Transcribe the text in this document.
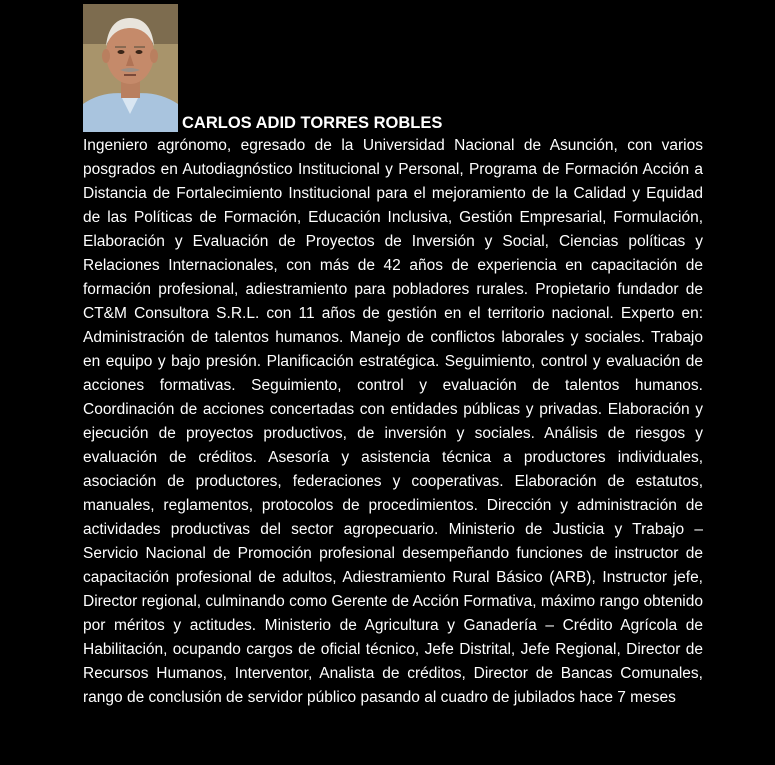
CARLOS ADID TORRES ROBLES

Ingeniero agrónomo, egresado de la Universidad Nacional de Asunción, con varios posgrados en Autodiagnóstico Institucional y Personal, Programa de Formación Acción a Distancia de Fortalecimiento Institucional para el mejoramiento de la Calidad y Equidad de las Políticas de Formación, Educación Inclusiva, Gestión Empresarial, Formulación, Elaboración y Evaluación de Proyectos de Inversión y Social, Ciencias políticas y Relaciones Internacionales, con más de 42 años de experiencia en capacitación de formación profesional, adiestramiento para pobladores rurales. Propietario fundador de CT&M Consultora S.R.L. con 11 años de gestión en el territorio nacional. Experto en: Administración de talentos humanos. Manejo de conflictos laborales y sociales. Trabajo en equipo y bajo presión. Planificación estratégica. Seguimiento, control y evaluación de acciones formativas. Seguimiento, control y evaluación de talentos humanos. Coordinación de acciones concertadas con entidades públicas y privadas. Elaboración y ejecución de proyectos productivos, de inversión y sociales. Análisis de riesgos y evaluación de créditos. Asesoría y asistencia técnica a productores individuales, asociación de productores, federaciones y cooperativas. Elaboración de estatutos, manuales, reglamentos, protocolos de procedimientos. Dirección y administración de actividades productivas del sector agropecuario. Ministerio de Justicia y Trabajo – Servicio Nacional de Promoción profesional desempeñando funciones de instructor de capacitación profesional de adultos, Adiestramiento Rural Básico (ARB), Instructor jefe, Director regional, culminando como Gerente de Acción Formativa, máximo rango obtenido por méritos y actitudes. Ministerio de Agricultura y Ganadería – Crédito Agrícola de Habilitación, ocupando cargos de oficial técnico, Jefe Distrital, Jefe Regional, Director de Recursos Humanos, Interventor, Analista de créditos, Director de Bancas Comunales, rango de conclusión de servidor público pasando al cuadro de jubilados hace 7 meses
